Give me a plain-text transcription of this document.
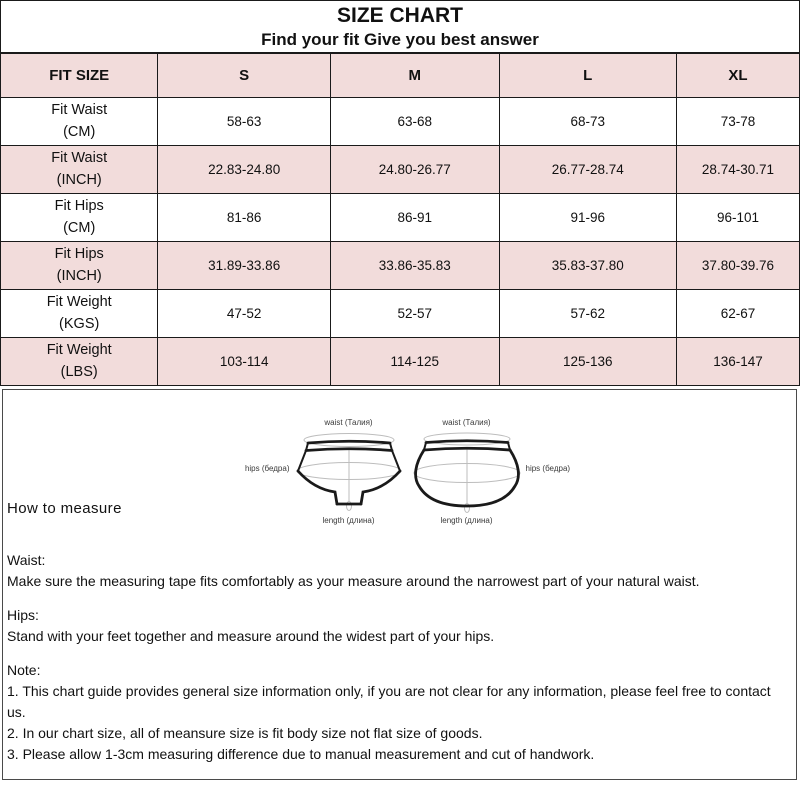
SIZE CHART
Find your fit Give you best answer
FIT SIZE	S	M	L	XL

Fit Waist
(CM)	58-63	63-68	68-73	73-78

Fit Waist
(INCH)	22.83-24.80	24.80-26.77	26.77-28.74	28.74-30.71

Fit Hips
(CM)	81-86	86-91	91-96	96-101

Fit Hips
(INCH)	31.89-33.86	33.86-35.83	35.83-37.80	37.80-39.76

Fit Weight
(KGS)	47-52	52-57	57-62	62-67

Fit Weight
(LBS)	103-114	114-125	125-136	136-147
hips (бедра)
waist (Талия)
length (длина)
waist (Талия)
length (длина)
hips (бедра)
How to measure
Waist:
Make sure the measuring tape fits comfortably as your measure around the narrowest part of your natural waist.
Hips:
Stand with your feet together and measure around the widest part of your hips.
Note:
1. This chart guide provides general size information only, if you are not clear for any information, please feel free to contact us.
2. In our chart size, all of meansure size is fit body size not flat size of goods.
3. Please allow 1-3cm measuring difference due to manual measurement and cut of handwork.
